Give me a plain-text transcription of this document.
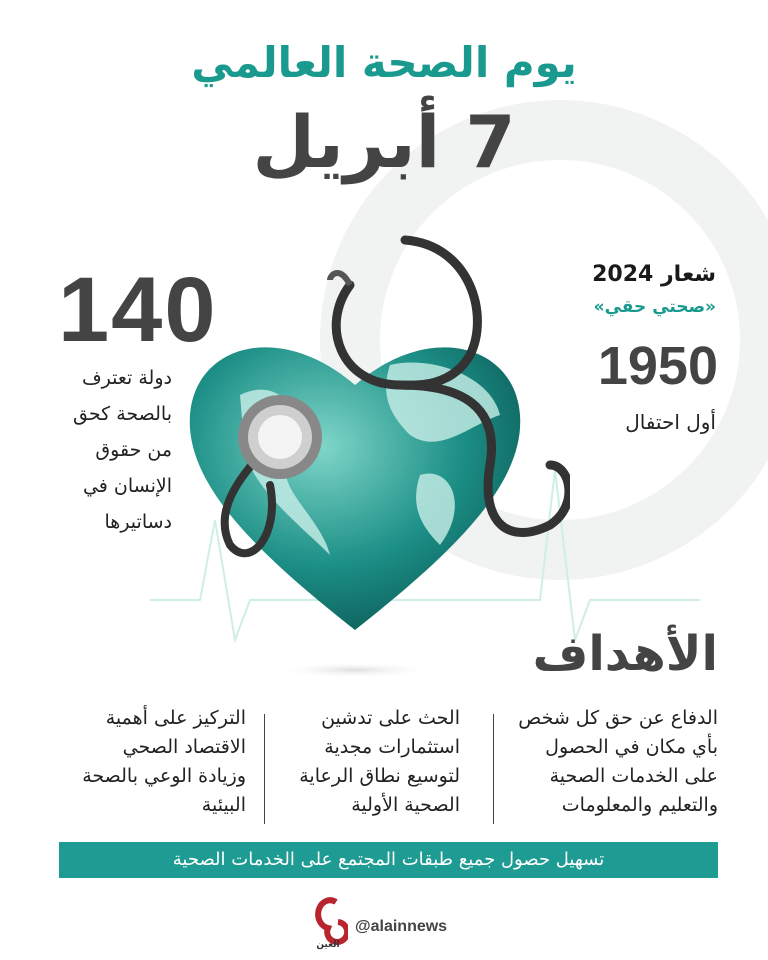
يوم الصحة العالمي
7 أبريل
شعار 2024
«صحتي حقي»
1950
أول احتفال
140
دولة تعترف
بالصحة كحق
من حقوق
الإنسان في
دساتيرها
الأهداف
الدفاع عن حق كل شخص
بأي مكان في الحصول
على الخدمات الصحية
والتعليم والمعلومات
الحث على تدشين
استثمارات مجدية
لتوسيع نطاق الرعاية
الصحية الأولية
التركيز على أهمية
الاقتصاد الصحي
وزيادة الوعي بالصحة
البيئية
تسهيل حصول جميع طبقات المجتمع على الخدمات الصحية
العين
@alainnews
